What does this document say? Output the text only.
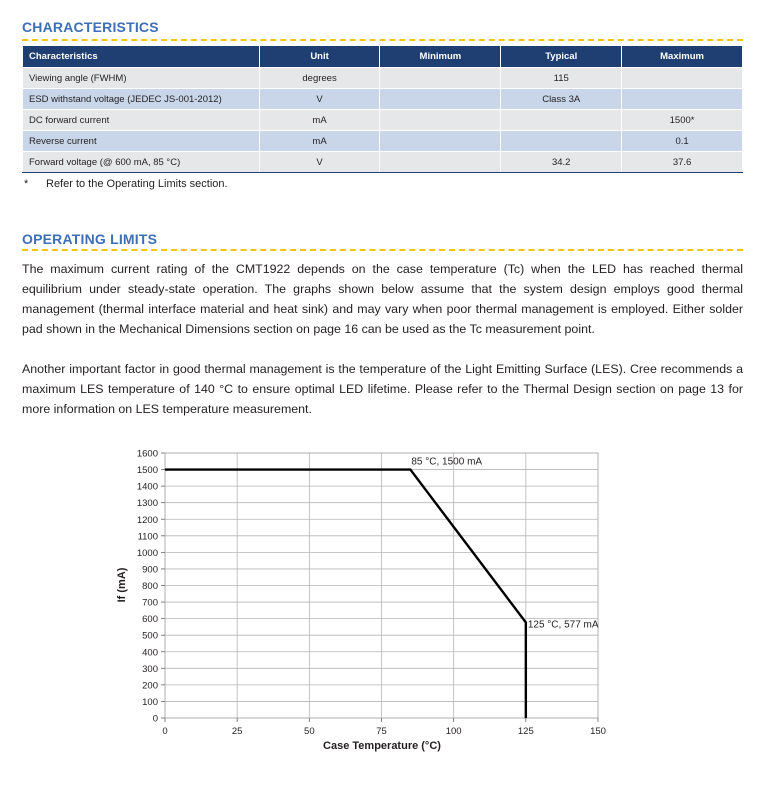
CHARACTERISTICS
Characteristics	Unit	Minimum	Typical	Maximum
Viewing angle (FWHM)	degrees		115	
ESD withstand voltage (JEDEC JS-001-2012)	V		Class 3A	
DC forward current	mA			1500*
Reverse current	mA			0.1
Forward voltage (@ 600 mA, 85 °C)	V		34.2	37.6
* Refer to the Operating Limits section.
OPERATING LIMITS
The maximum current rating of the CMT1922 depends on the case temperature (Tc) when the LED has reached thermal equilibrium under steady-state operation. The graphs shown below assume that the system design employs good thermal management (thermal interface material and heat sink) and may vary when poor thermal management is employed. Either solder pad shown in the Mechanical Dimensions section on page 16 can be used as the Tc measurement point.
Another important factor in good thermal management is the temperature of the Light Emitting Surface (LES). Cree recommends a maximum LES temperature of 140 °C to ensure optimal LED lifetime. Please refer to the Thermal Design section on page 13 for more information on LES temperature measurement.
0
100
200
300
400
500
600
700
800
900
1000
1100
1200
1300
1400
1500
1600
0	25	50	75	100	125	150
85 °C, 1500 mA
125 °C, 577 mA
Case Temperature (°C)
If (mA)
